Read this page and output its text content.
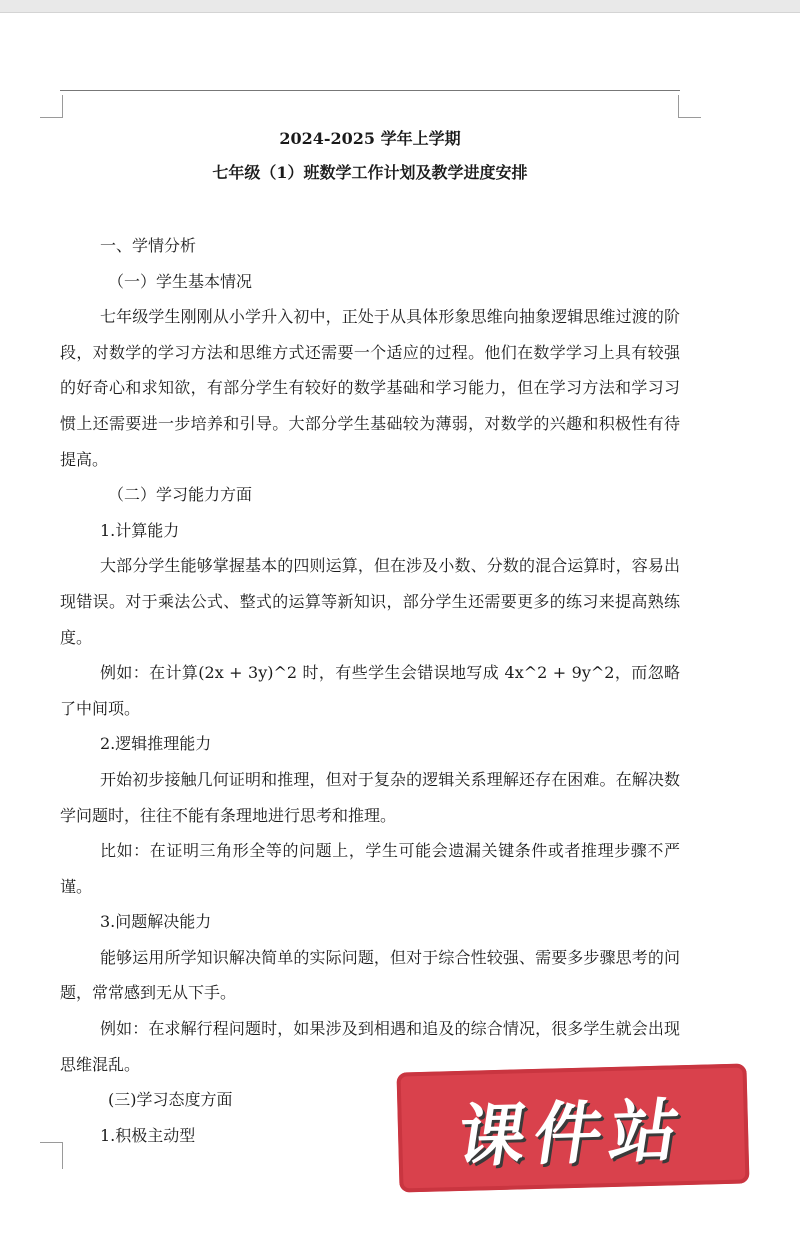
2024-2025 学年上学期

七年级（1）班数学工作计划及教学进度安排

一、学情分析

（一）学生基本情况

七年级学生刚刚从小学升入初中，正处于从具体形象思维向抽象逻辑思维过渡的阶段，对数学的学习方法和思维方式还需要一个适应的过程。他们在数学学习上具有较强的好奇心和求知欲，有部分学生有较好的数学基础和学习能力，但在学习方法和学习习惯上还需要进一步培养和引导。大部分学生基础较为薄弱，对数学的兴趣和积极性有待提高。

（二）学习能力方面

1.计算能力

大部分学生能够掌握基本的四则运算，但在涉及小数、分数的混合运算时，容易出现错误。对于乘法公式、整式的运算等新知识，部分学生还需要更多的练习来提高熟练度。

例如：在计算(2x + 3y)^2 时，有些学生会错误地写成 4x^2 + 9y^2，而忽略了中间项。

2.逻辑推理能力

开始初步接触几何证明和推理，但对于复杂的逻辑关系理解还存在困难。在解决数学问题时，往往不能有条理地进行思考和推理。

比如：在证明三角形全等的问题上，学生可能会遗漏关键条件或者推理步骤不严谨。

3.问题解决能力

能够运用所学知识解决简单的实际问题，但对于综合性较强、需要多步骤思考的问题，常常感到无从下手。

例如：在求解行程问题时，如果涉及到相遇和追及的综合情况，很多学生就会出现思维混乱。

(三)学习态度方面

1.积极主动型	课件站
